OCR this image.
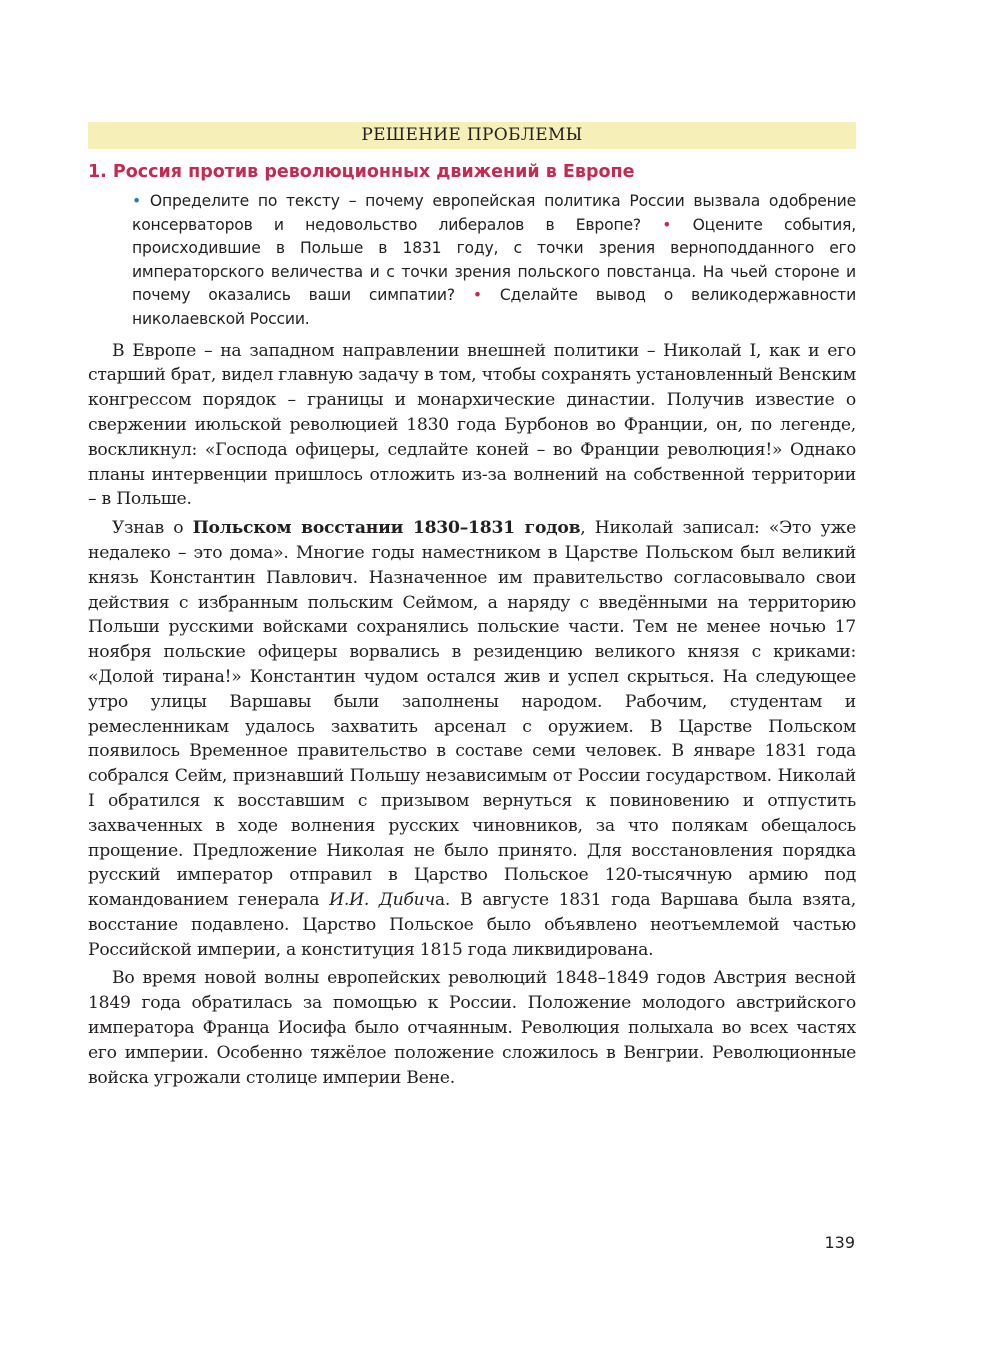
РЕШЕНИЕ ПРОБЛЕМЫ
1. Россия против революционных движений в Европе
• Определите по тексту – почему европейская политика России вызвала одобрение консерваторов и недовольство либералов в Европе? • Оцените события, происходившие в Польше в 1831 году, с точки зрения верноподданного его императорского величества и с точки зрения польского повстанца. На чьей стороне и почему оказались ваши симпатии? • Сделайте вывод о великодержавности николаевской России.

В Европе – на западном направлении внешней политики – Николай I, как и его старший брат, видел главную задачу в том, чтобы сохранять установленный Венским конгрессом порядок – границы и монархические династии. Получив известие о свержении июльской революцией 1830 года Бурбонов во Франции, он, по легенде, воскликнул: «Господа офицеры, седлайте коней – во Франции революция!» Однако планы интервенции пришлось отложить из-за волнений на собственной территории – в Польше.

Узнав о Польском восстании 1830–1831 годов, Николай записал: «Это уже недалеко – это дома». Многие годы наместником в Царстве Польском был великий князь Константин Павлович. Назначенное им правительство согласовывало свои действия с избранным польским Сеймом, а наряду с введёнными на территорию Польши русскими войсками сохранялись польские части. Тем не менее ночью 17 ноября польские офицеры ворвались в резиденцию великого князя с криками: «Долой тирана!» Константин чудом остался жив и успел скрыться. На следующее утро улицы Варшавы были заполнены народом. Рабочим, студентам и ремесленникам удалось захватить арсенал с оружием. В Царстве Польском появилось Временное правительство в составе семи человек. В январе 1831 года собрался Сейм, признавший Польшу независимым от России государством. Николай I обратился к восставшим с призывом вернуться к повиновению и отпустить захваченных в ходе волнения русских чиновников, за что полякам обещалось прощение. Предложение Николая не было принято. Для восстановления порядка русский император отправил в Царство Польское 120-тысячную армию под командованием генерала И.И. Дибича. В августе 1831 года Варшава была взята, восстание подавлено. Царство Польское было объявлено неотъемлемой частью Российской империи, а конституция 1815 года ликвидирована.

Во время новой волны европейских революций 1848–1849 годов Австрия весной 1849 года обратилась за помощью к России. Положение молодого австрийского императора Франца Иосифа было отчаянным. Революция полыхала во всех частях его империи. Особенно тяжёлое положение сложилось в Венгрии. Революционные войска угрожали столице империи Вене.

139
